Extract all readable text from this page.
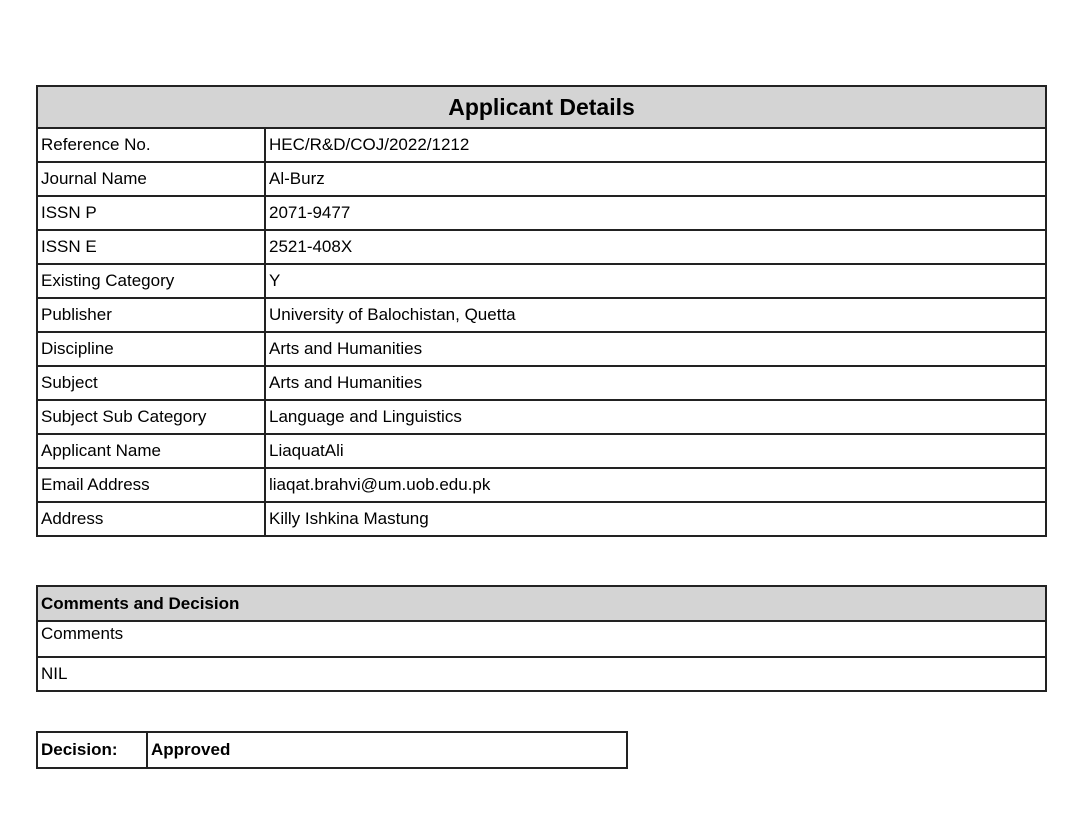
Applicant Details	
Reference No.	HEC/R&D/COJ/2022/1212
Journal Name	Al-Burz
ISSN P	2071-9477
ISSN E	2521-408X
Existing Category	Y
Publisher	University of Balochistan, Quetta
Discipline	Arts and Humanities
Subject	Arts and Humanities
Subject Sub Category	Language and Linguistics
Applicant Name	LiaquatAli
Email Address	liaqat.brahvi@um.uob.edu.pk
Address	Killy Ishkina Mastung
Comments and Decision
Comments
NIL
Decision:	Approved
